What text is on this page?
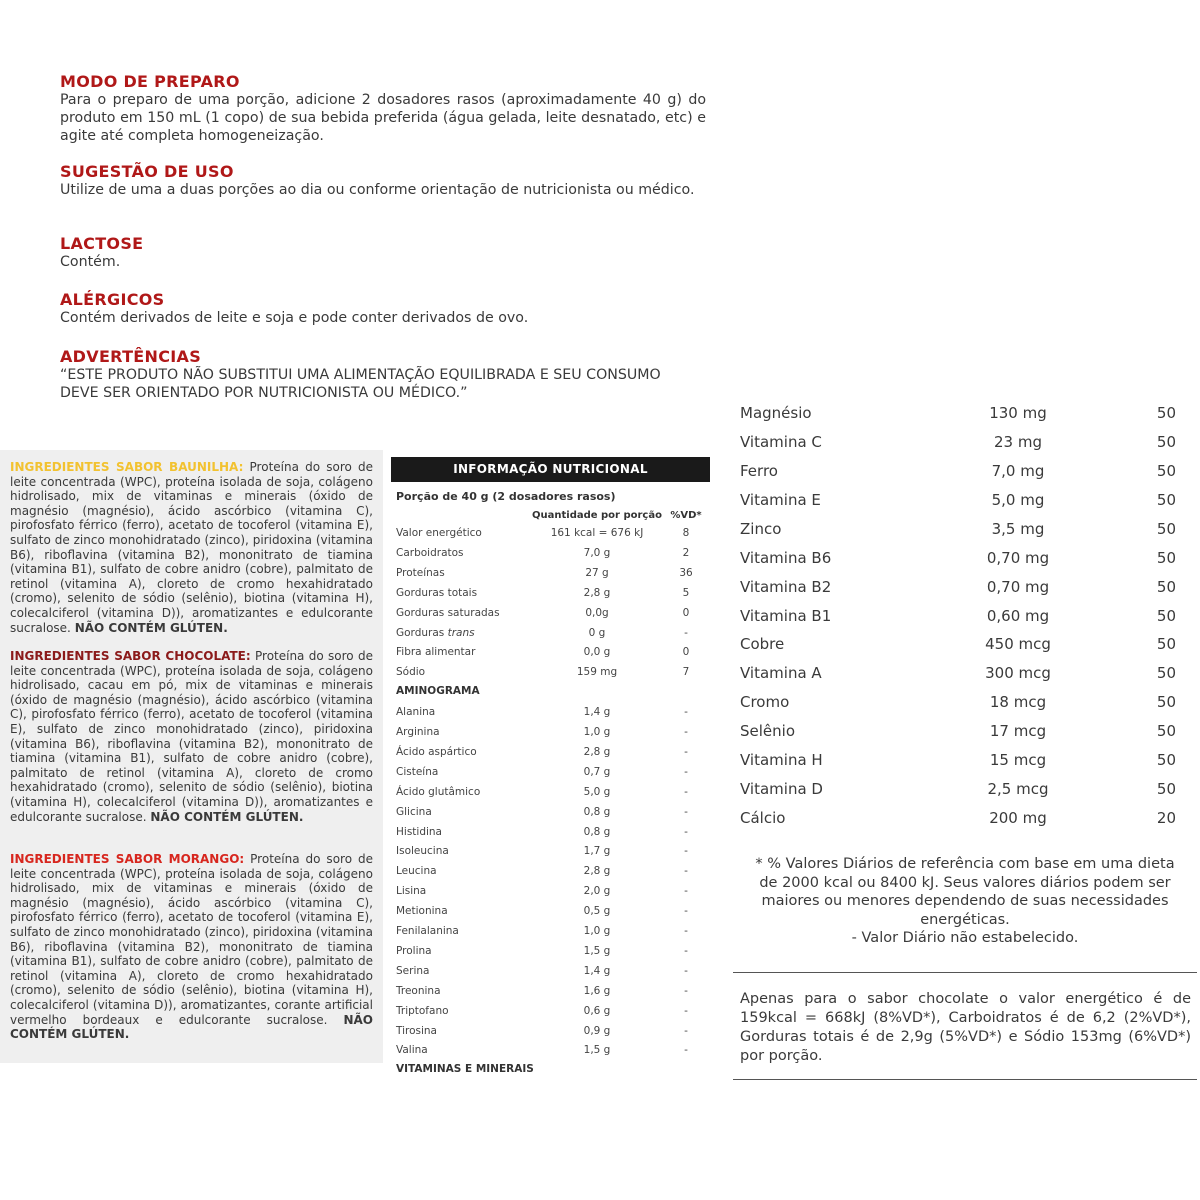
MODO DE PREPARO

Para o preparo de uma porção, adicione 2 dosadores rasos (aproximadamente 40 g) do produto em 150 mL (1 copo) de sua bebida preferida (água gelada, leite desnatado, etc) e agite até completa homogeneização.

SUGESTÃO DE USO

Utilize de uma a duas porções ao dia ou conforme orientação de nutricionista ou médico.

LACTOSE

Contém.

ALÉRGICOS

Contém derivados de leite e soja e pode conter derivados de ovo.

ADVERTÊNCIAS

“ESTE PRODUTO NÃO SUBSTITUI UMA ALIMENTAÇÃO EQUILIBRADA E SEU CONSUMO DEVE SER ORIENTADO POR NUTRICIONISTA OU MÉDICO.”

INGREDIENTES SABOR BAUNILHA: Proteína do soro de leite concentrada (WPC), proteína isolada de soja, colágeno hidrolisado, mix de vitaminas e minerais (óxido de magnésio (magnésio), ácido ascórbico (vitamina C), pirofosfato férrico (ferro), acetato de tocoferol (vitamina E), sulfato de zinco monohidratado (zinco), piridoxina (vitamina B6), riboflavina (vitamina B2), mononitrato de tiamina (vitamina B1), sulfato de cobre anidro (cobre), palmitato de retinol (vitamina A), cloreto de cromo hexahidratado (cromo), selenito de sódio (selênio), biotina (vitamina H), colecalciferol (vitamina D)), aromatizantes e edulcorante sucralose. NÃO CONTÉM GLÚTEN.

INGREDIENTES SABOR CHOCOLATE: Proteína do soro de leite concentrada (WPC), proteína isolada de soja, colágeno hidrolisado, cacau em pó, mix de vitaminas e minerais (óxido de magnésio (magnésio), ácido ascórbico (vitamina C), pirofosfato férrico (ferro), acetato de tocoferol (vitamina E), sulfato de zinco monohidratado (zinco), piridoxina (vitamina B6), riboflavina (vitamina B2), mononitrato de tiamina (vitamina B1), sulfato de cobre anidro (cobre), palmitato de retinol (vitamina A), cloreto de cromo hexahidratado (cromo), selenito de sódio (selênio), biotina (vitamina H), colecalciferol (vitamina D)), aromatizantes e edulcorante sucralose. NÃO CONTÉM GLÚTEN.

INGREDIENTES SABOR MORANGO: Proteína do soro de leite concentrada (WPC), proteína isolada de soja, colágeno hidrolisado, mix de vitaminas e minerais (óxido de magnésio (magnésio), ácido ascórbico (vitamina C), pirofosfato férrico (ferro), acetato de tocoferol (vitamina E), sulfato de zinco monohidratado (zinco), piridoxina (vitamina B6), riboflavina (vitamina B2), mononitrato de tiamina (vitamina B1), sulfato de cobre anidro (cobre), palmitato de retinol (vitamina A), cloreto de cromo hexahidratado (cromo), selenito de sódio (selênio), biotina (vitamina H), colecalciferol (vitamina D)), aromatizantes, corante artificial vermelho bordeaux e edulcorante sucralose. NÃO CONTÉM GLÚTEN.

INFORMAÇÃO NUTRICIONAL
Porção de 40 g (2 dosadores rasos)
Quantidade por porção %VD*
Valor energético	161 kcal = 676 kJ	8
Carboidratos	7,0 g	2
Proteínas	27 g	36
Gorduras totais	2,8 g	5
Gorduras saturadas	0,0g	0
Gorduras trans	0 g	-
Fibra alimentar	0,0 g	0
Sódio	159 mg	7
AMINOGRAMA
Alanina	1,4 g	-
Arginina	1,0 g	-
Ácido aspártico	2,8 g	-
Cisteína	0,7 g	-
Ácido glutâmico	5,0 g	-
Glicina	0,8 g	-
Histidina	0,8 g	-
Isoleucina	1,7 g	-
Leucina	2,8 g	-
Lisina	2,0 g	-
Metionina	0,5 g	-
Fenilalanina	1,0 g	-
Prolina	1,5 g	-
Serina	1,4 g	-
Treonina	1,6 g	-
Triptofano	0,6 g	-
Tirosina	0,9 g	-
Valina	1,5 g	-
VITAMINAS E MINERAIS
Magnésio	130 mg	50
Vitamina C	23 mg	50
Ferro	7,0 mg	50
Vitamina E	5,0 mg	50
Zinco	3,5 mg	50
Vitamina B6	0,70 mg	50
Vitamina B2	0,70 mg	50
Vitamina B1	0,60 mg	50
Cobre	450 mcg	50
Vitamina A	300 mcg	50
Cromo	18 mcg	50
Selênio	17 mcg	50
Vitamina H	15 mcg	50
Vitamina D	2,5 mcg	50
Cálcio	200 mg	20
* % Valores Diários de referência com base em uma dieta de 2000 kcal ou 8400 kJ. Seus valores diários podem ser maiores ou menores dependendo de suas necessidades energéticas.
- Valor Diário não estabelecido.

Apenas para o sabor chocolate o valor energético é de 159kcal = 668kJ (8%VD*), Carboidratos é de 6,2 (2%VD*), Gorduras totais é de 2,9g (5%VD*) e Sódio 153mg (6%VD*) por porção.
